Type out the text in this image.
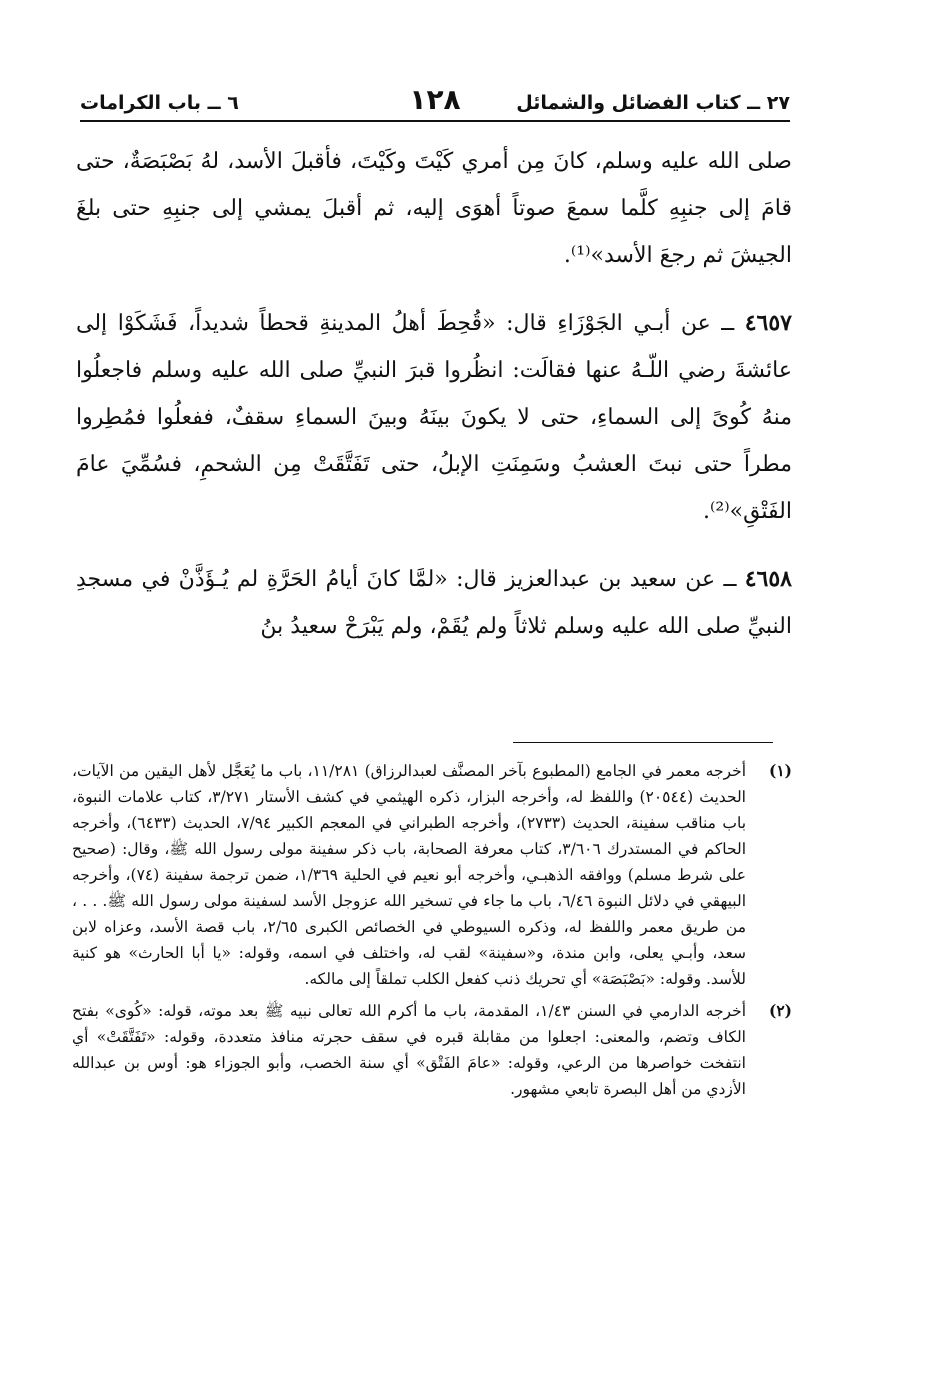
٢٧ ــ كتاب الفضائل والشمائل
١٢٨
٦ ــ باب الكرامات

صلى الله عليه وسلم، كانَ مِن أمري كَيْتَ وكَيْتَ، فأقبلَ الأسد، لهُ بَصْبَصَةٌ، حتى قامَ إلى جنبِهِ كلَّما سمعَ صوتاً أهوَى إليه، ثم أقبلَ يمشي إلى جنبِهِ حتى بلغَ الجيشَ ثم رجعَ الأسد»⁽¹⁾.

٤٦٥٧ ــ عن أبـي الجَوْزَاءِ قال: «قُحِطَ أهلُ المدينةِ قحطاً شديداً، فَشَكَوْا إلى عائشةَ رضي اللّـهُ عنها فقالَت: انظُروا قبرَ النبيِّ صلى الله عليه وسلم فاجعلُوا منهُ كُوىً إلى السماءِ، حتى لا يكونَ بينَهُ وبينَ السماءِ سقفٌ، ففعلُوا فمُطِروا مطراً حتى نبتَ العشبُ وسَمِنَتِ الإبلُ، حتى تَفَتَّقَتْ مِن الشحمِ، فسُمِّيَ عامَ الفَتْقِ»⁽²⁾.

٤٦٥٨ ــ عن سعيد بن عبدالعزيز قال: «لمَّا كانَ أيامُ الحَرَّةِ لم يُـؤَذَّنْ في مسجدِ النبيِّ صلى الله عليه وسلم ثلاثاً ولم يُقَمْ، ولم يَبْرَحْ سعيدُ بنُ

(١)
أخرجه معمر في الجامع (المطبوع بآخر المصنَّف لعبدالرزاق) ١١/٢٨١، باب ما يُعَجَّل لأهل اليقين من الآيات، الحديث (٢٠٥٤٤) واللفظ له، وأخرجه البزار، ذكره الهيثمي في كشف الأستار ٣/٢٧١، كتاب علامات النبوة، باب مناقب سفينة، الحديث (٢٧٣٣)، وأخرجه الطبراني في المعجم الكبير ٧/٩٤، الحديث (٦٤٣٣)، وأخرجه الحاكم في المستدرك ٣/٦٠٦، كتاب معرفة الصحابة، باب ذكر سفينة مولى رسول الله ﷺ، وقال: (صحيح على شرط مسلم) ووافقه الذهبـي، وأخرجه أبو نعيم في الحلية ١/٣٦٩، ضمن ترجمة سفينة (٧٤)، وأخرجه البيهقي في دلائل النبوة ٦/٤٦، باب ما جاء في تسخير الله عزوجل الأسد لسفينة مولى رسول الله ﷺ. . . ، من طريق معمر واللفظ له، وذكره السيوطي في الخصائص الكبرى ٢/٦٥، باب قصة الأسد، وعزاه لابن سعد، وأبـي يعلى، وابن مندة، و«سفينة» لقب له، واختلف في اسمه، وقوله: «يا أبا الحارث» هو كنية للأسد. وقوله: «بَصْبَصَة» أي تحريك ذنب كفعل الكلب تملقاً إلى مالكه.
(٢)
أخرجه الدارمي في السنن ١/٤٣، المقدمة، باب ما أكرم الله تعالى نبيه ﷺ بعد موته، قوله: «كُوى» بفتح الكاف وتضم، والمعنى: اجعلوا من مقابلة قبره في سقف حجرته منافذ متعددة، وقوله: «تَفَتَّقَتْ» أي انتفخت خواصرها من الرعي، وقوله: «عامَ الفَتْق» أي سنة الخصب، وأبو الجوزاء هو: أوس بن عبدالله الأزدي من أهل البصرة تابعي مشهور.
